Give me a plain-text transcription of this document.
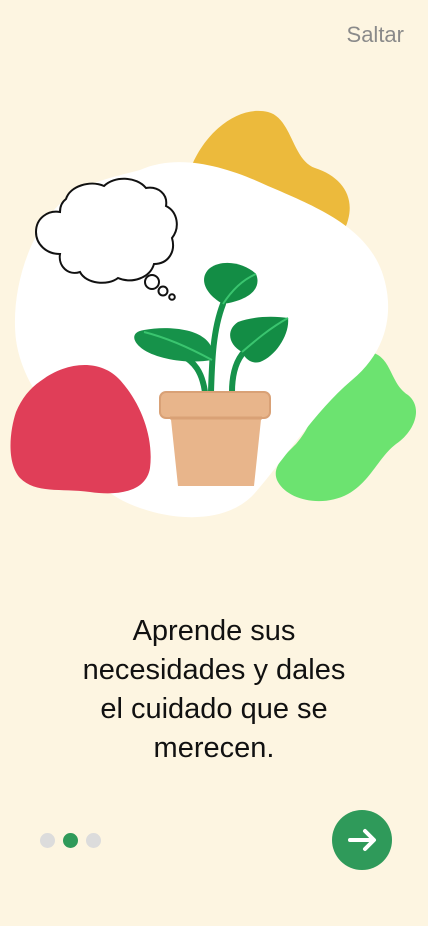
Saltar
Aprende sus
necesidades y dales
el cuidado que se
merecen.
